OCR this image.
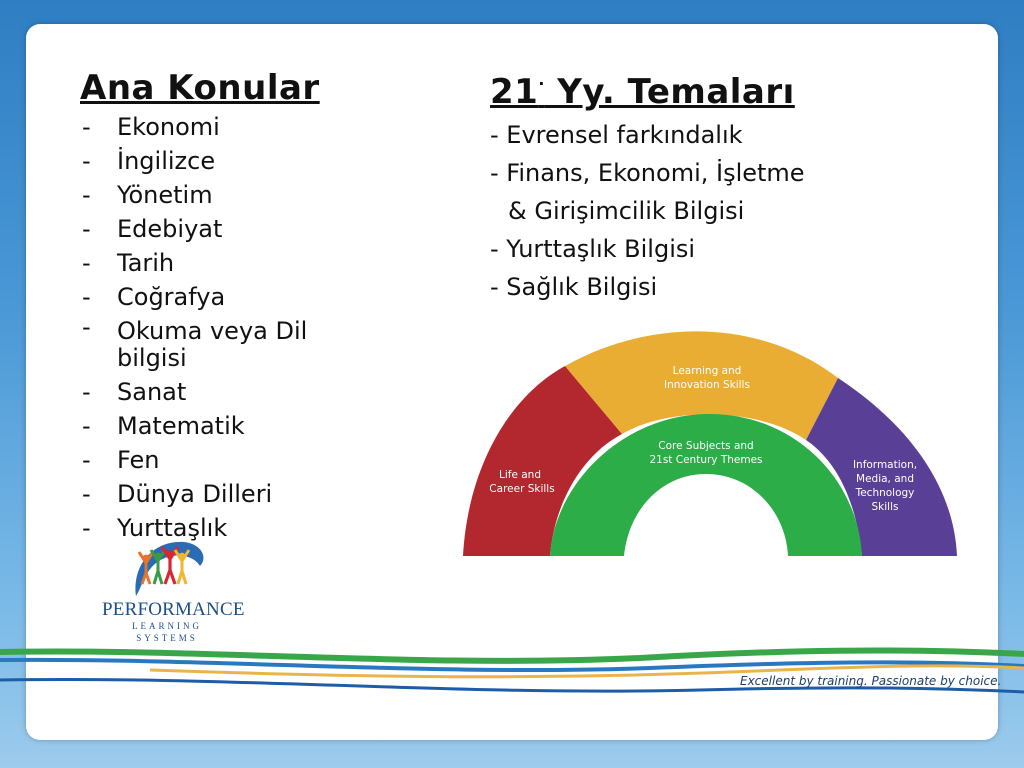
Ana Konular
- Ekonomi
- İngilizce
- Yönetim
- Edebiyat
- Tarih
- Coğrafya
- Okuma veya Dil bilgisi
- Sanat
- Matematik
- Fen
- Dünya Dilleri
- Yurttaşlık
21· Yy. Temaları
- Evrensel farkındalık
- Finans, Ekonomi, İşletme
& Girişimcilik Bilgisi
- Yurttaşlık Bilgisi
- Sağlık Bilgisi
Life and
Career Skills
Learning and
Innovation Skills
Core Subjects and
21st Century Themes	Information,
Media, and
Technology
Skills
PERFORMANCE
LEARNING SYSTEMS
Excellent by training. Passionate by choice.
